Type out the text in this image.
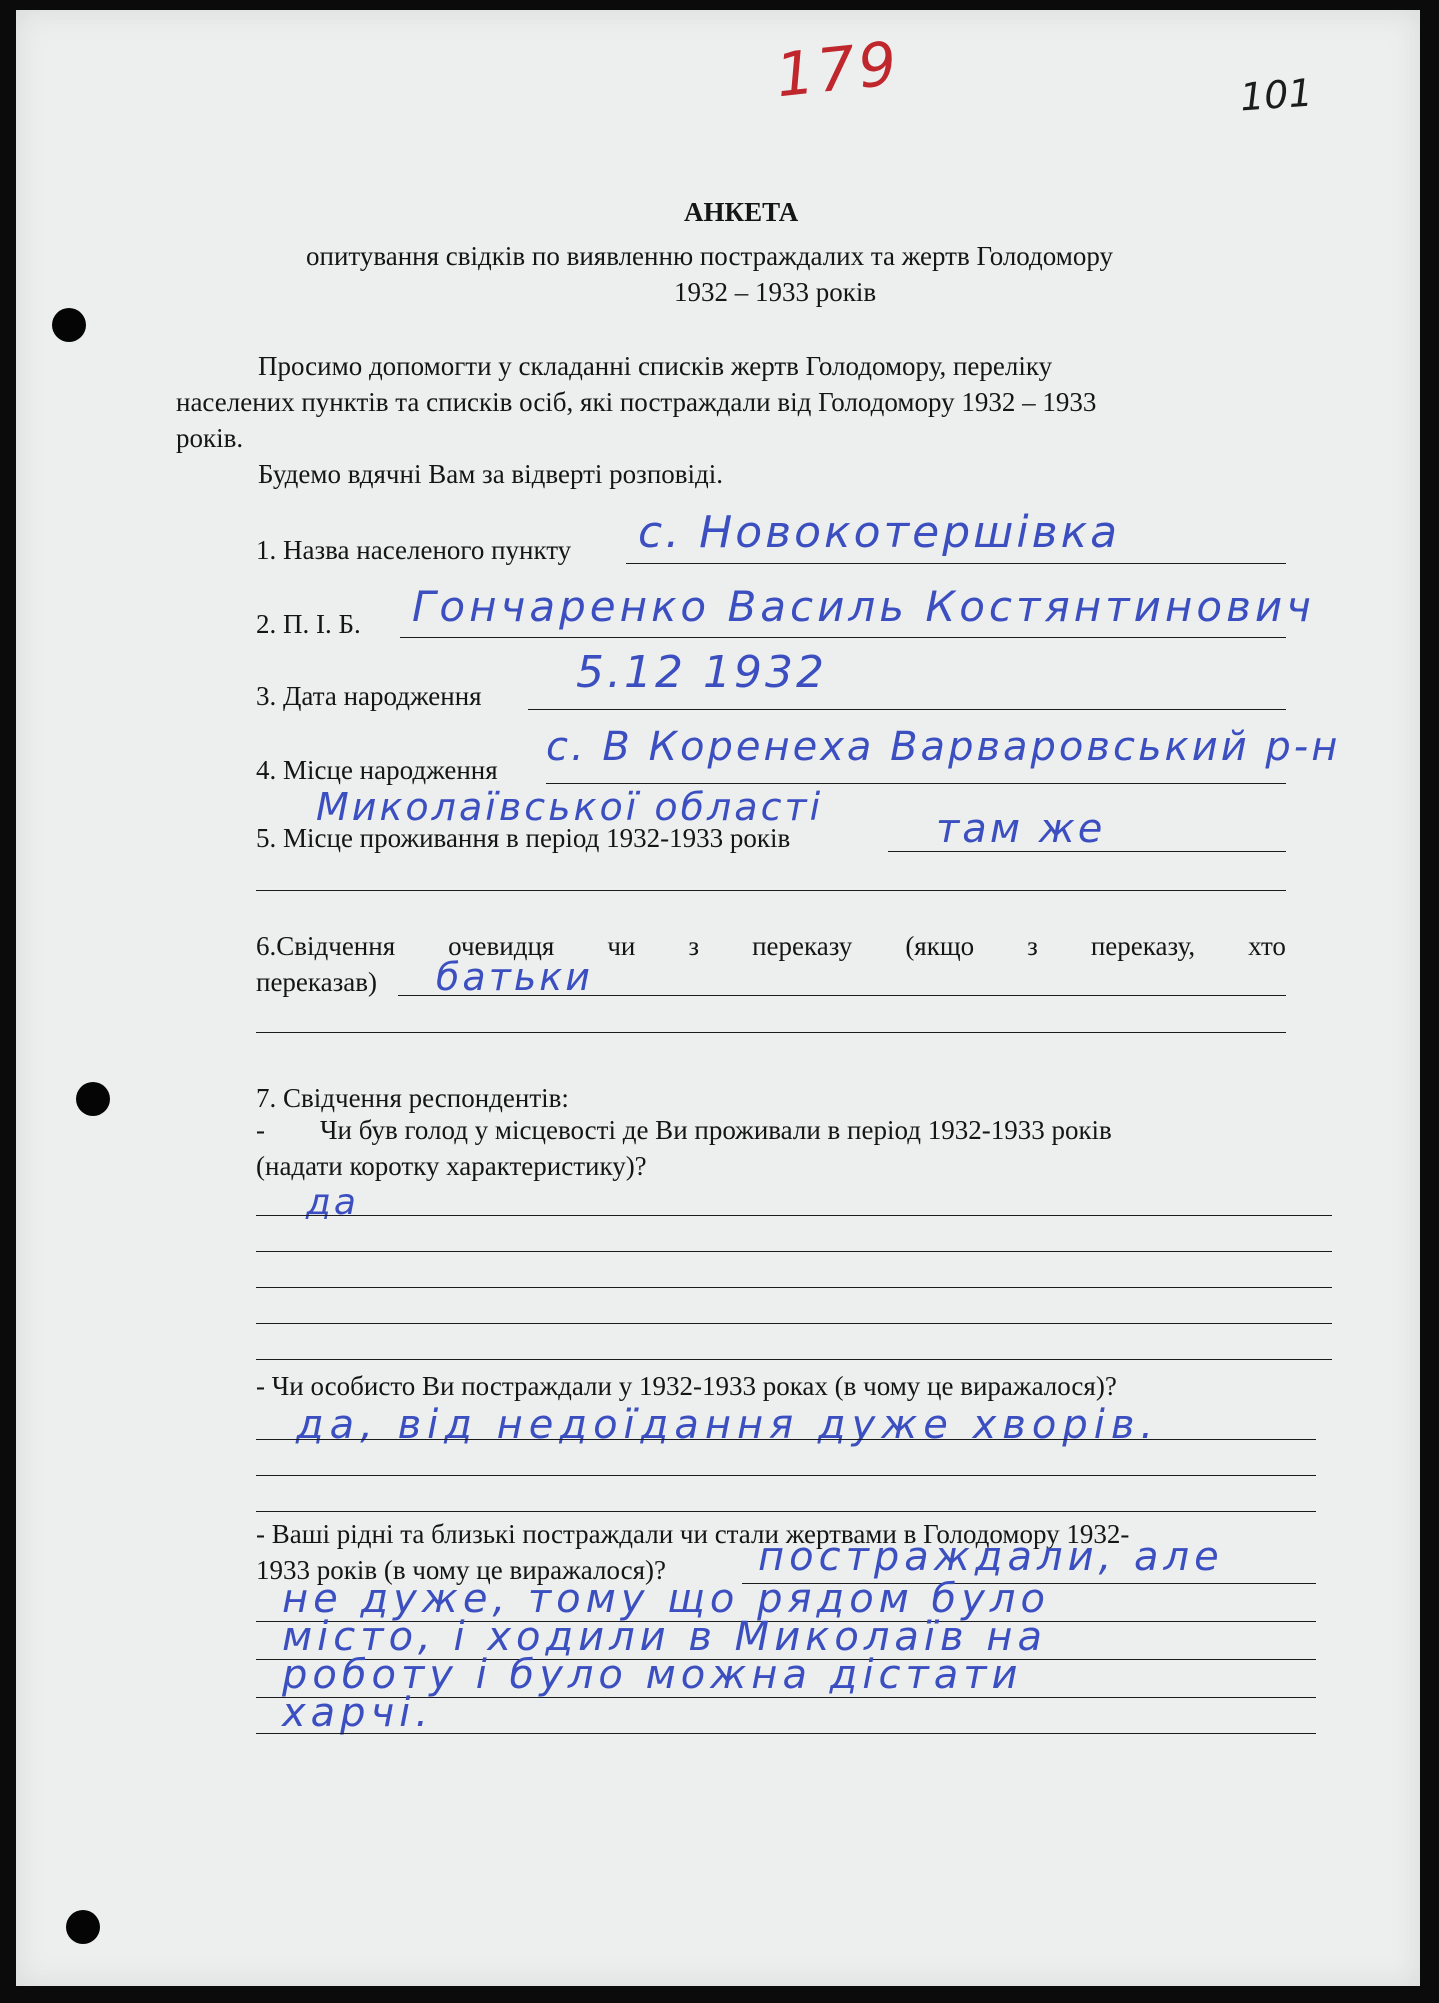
179	101
АНКЕТА
опитування свідків по виявленню постраждалих та жертв Голодомору
1932 – 1933 років
Просимо допомогти у складанні списків жертв Голодомору, переліку
населених пунктів та списків осіб, які постраждали від Голодомору 1932 – 1933
років.
Будемо вдячні Вам за відверті розповіді.
1. Назва населеного пункту с. Новокотершівка
2. П. І. Б. Гончаренко Василь Костянтинович
3. Дата народження 5.12 1932
4. Місце народження с. В Коренеха Варваровський р-н
Миколаївської області
5. Місце проживання в період 1932-1933 років	там же
6.Свідчення очевидця чи з переказу (якщо з переказу, хто
переказав) батьки
7. Свідчення респондентів:
- Чи був голод у місцевості де Ви проживали в період 1932-1933 років
(надати коротку характеристику)?
да
- Чи особисто Ви постраждали у 1932-1933 роках (в чому це виражалося)?
да, від недоїдання дуже хворів.
- Ваші рідні та близькі постраждали чи стали жертвами в Голодомору 1932-
1933 років (в чому це виражалося)? постраждали, але
не дуже, тому що рядом було
місто, і ходили в Миколаїв на
роботу і було можна дістати
харчі.
